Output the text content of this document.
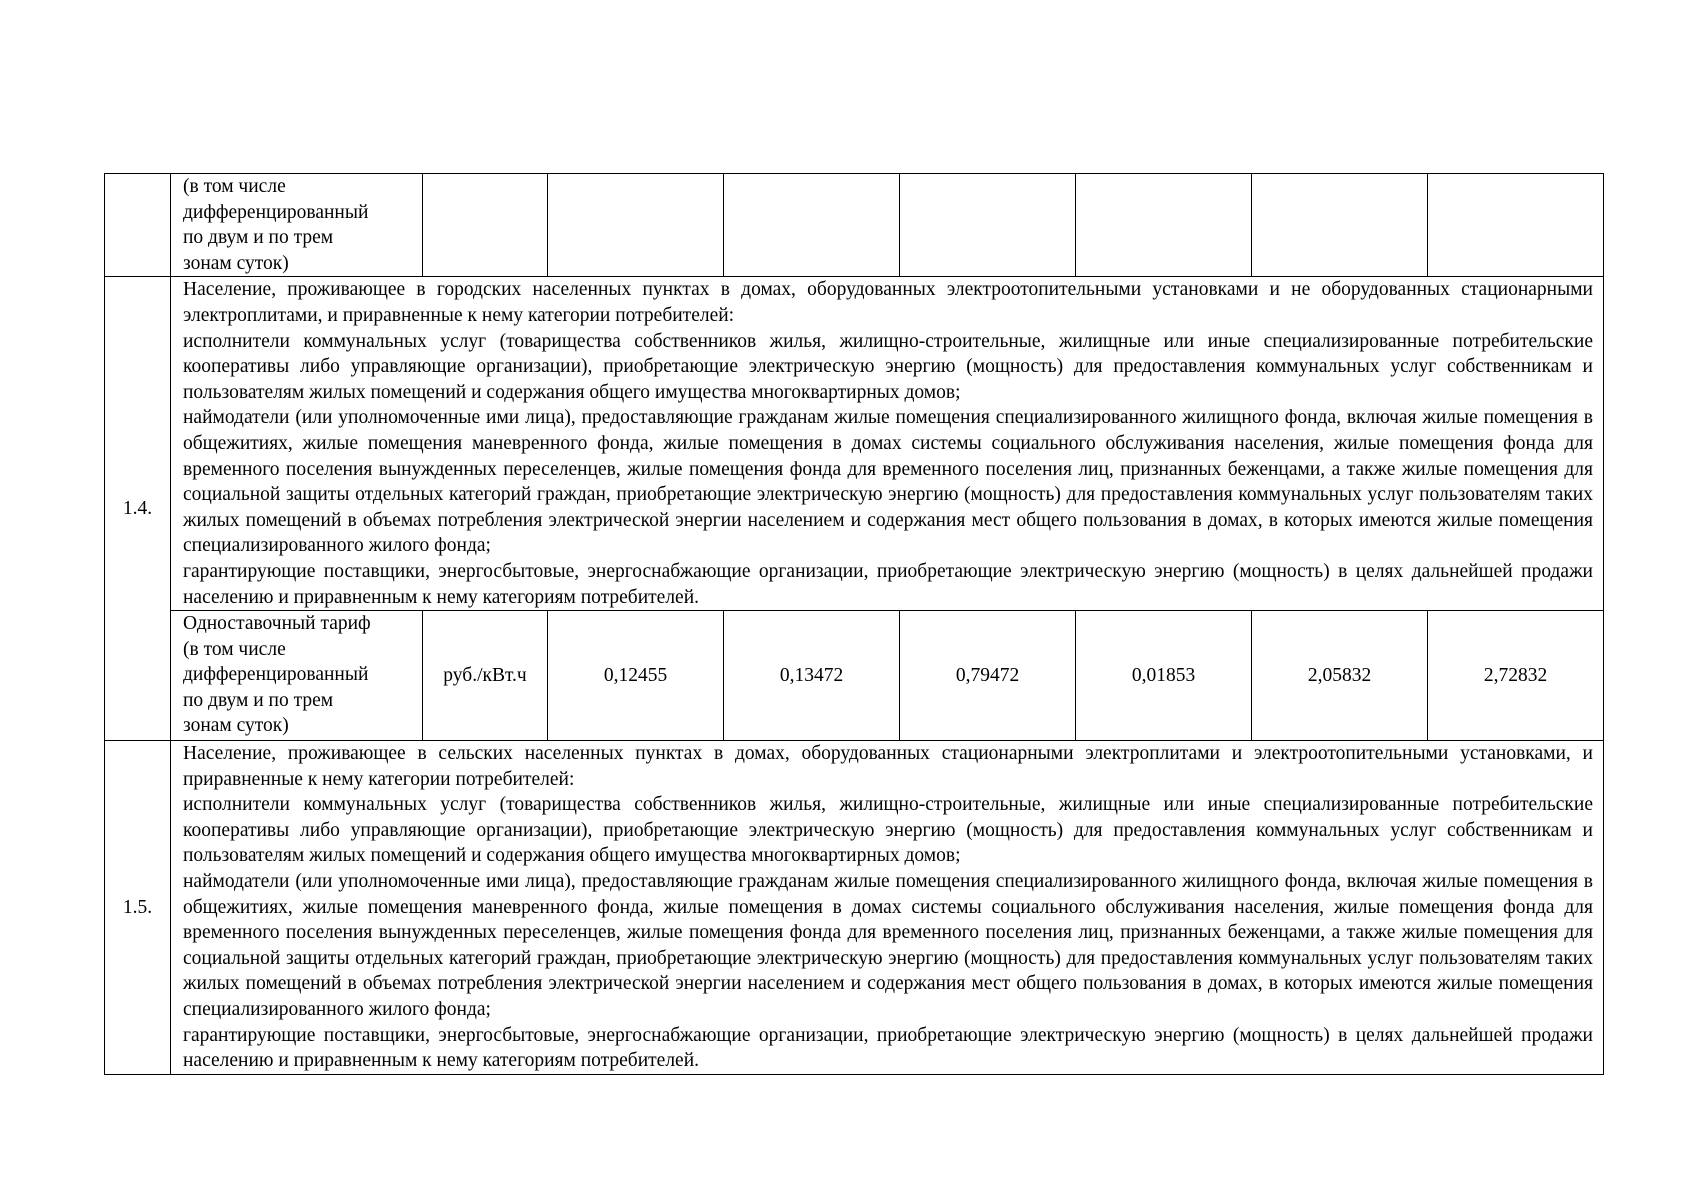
	(в том числе
дифференцированный
по двум и по трем
зонам суток)							
1.4.	Население, проживающее в городских населенных пунктах в домах, оборудованных электроотопительными установками и не оборудованных стационарными электроплитами, и приравненные к нему категории потребителей:
исполнители коммунальных услуг (товарищества собственников жилья, жилищно-строительные, жилищные или иные специализированные потребительские кооперативы либо управляющие организации), приобретающие электрическую энергию (мощность) для предоставления коммунальных услуг собственникам и пользователям жилых помещений и содержания общего имущества многоквартирных домов;
наймодатели (или уполномоченные ими лица), предоставляющие гражданам жилые помещения специализированного жилищного фонда, включая жилые помещения в общежитиях, жилые помещения маневренного фонда, жилые помещения в домах системы социального обслуживания населения, жилые помещения фонда для временного поселения вынужденных переселенцев, жилые помещения фонда для временного поселения лиц, признанных беженцами, а также жилые помещения для социальной защиты отдельных категорий граждан, приобретающие электрическую энергию (мощность) для предоставления коммунальных услуг пользователям таких жилых помещений в объемах потребления электрической энергии населением и содержания мест общего пользования в домах, в которых имеются жилые помещения специализированного жилого фонда;
гарантирующие поставщики, энергосбытовые, энергоснабжающие организации, приобретающие электрическую энергию (мощность) в целях дальнейшей продажи населению и приравненным к нему категориям потребителей.							

	Одноставочный тариф
(в том числе
дифференцированный
по двум и по трем
зонам суток)	руб./кВт.ч	0,12455	0,13472	0,79472	0,01853	2,05832	2,72832
1.5.	Население, проживающее в сельских населенных пунктах в домах, оборудованных стационарными электроплитами и электроотопительными установками, и приравненные к нему категории потребителей:
исполнители коммунальных услуг (товарищества собственников жилья, жилищно-строительные, жилищные или иные специализированные потребительские кооперативы либо управляющие организации), приобретающие электрическую энергию (мощность) для предоставления коммунальных услуг собственникам и пользователям жилых помещений и содержания общего имущества многоквартирных домов;
наймодатели (или уполномоченные ими лица), предоставляющие гражданам жилые помещения специализированного жилищного фонда, включая жилые помещения в общежитиях, жилые помещения маневренного фонда, жилые помещения в домах системы социального обслуживания населения, жилые помещения фонда для временного поселения вынужденных переселенцев, жилые помещения фонда для временного поселения лиц, признанных беженцами, а также жилые помещения для социальной защиты отдельных категорий граждан, приобретающие электрическую энергию (мощность) для предоставления коммунальных услуг пользователям таких жилых помещений в объемах потребления электрической энергии населением и содержания мест общего пользования в домах, в которых имеются жилые помещения специализированного жилого фонда;
гарантирующие поставщики, энергосбытовые, энергоснабжающие организации, приобретающие электрическую энергию (мощность) в целях дальнейшей продажи населению и приравненным к нему категориям потребителей.							
